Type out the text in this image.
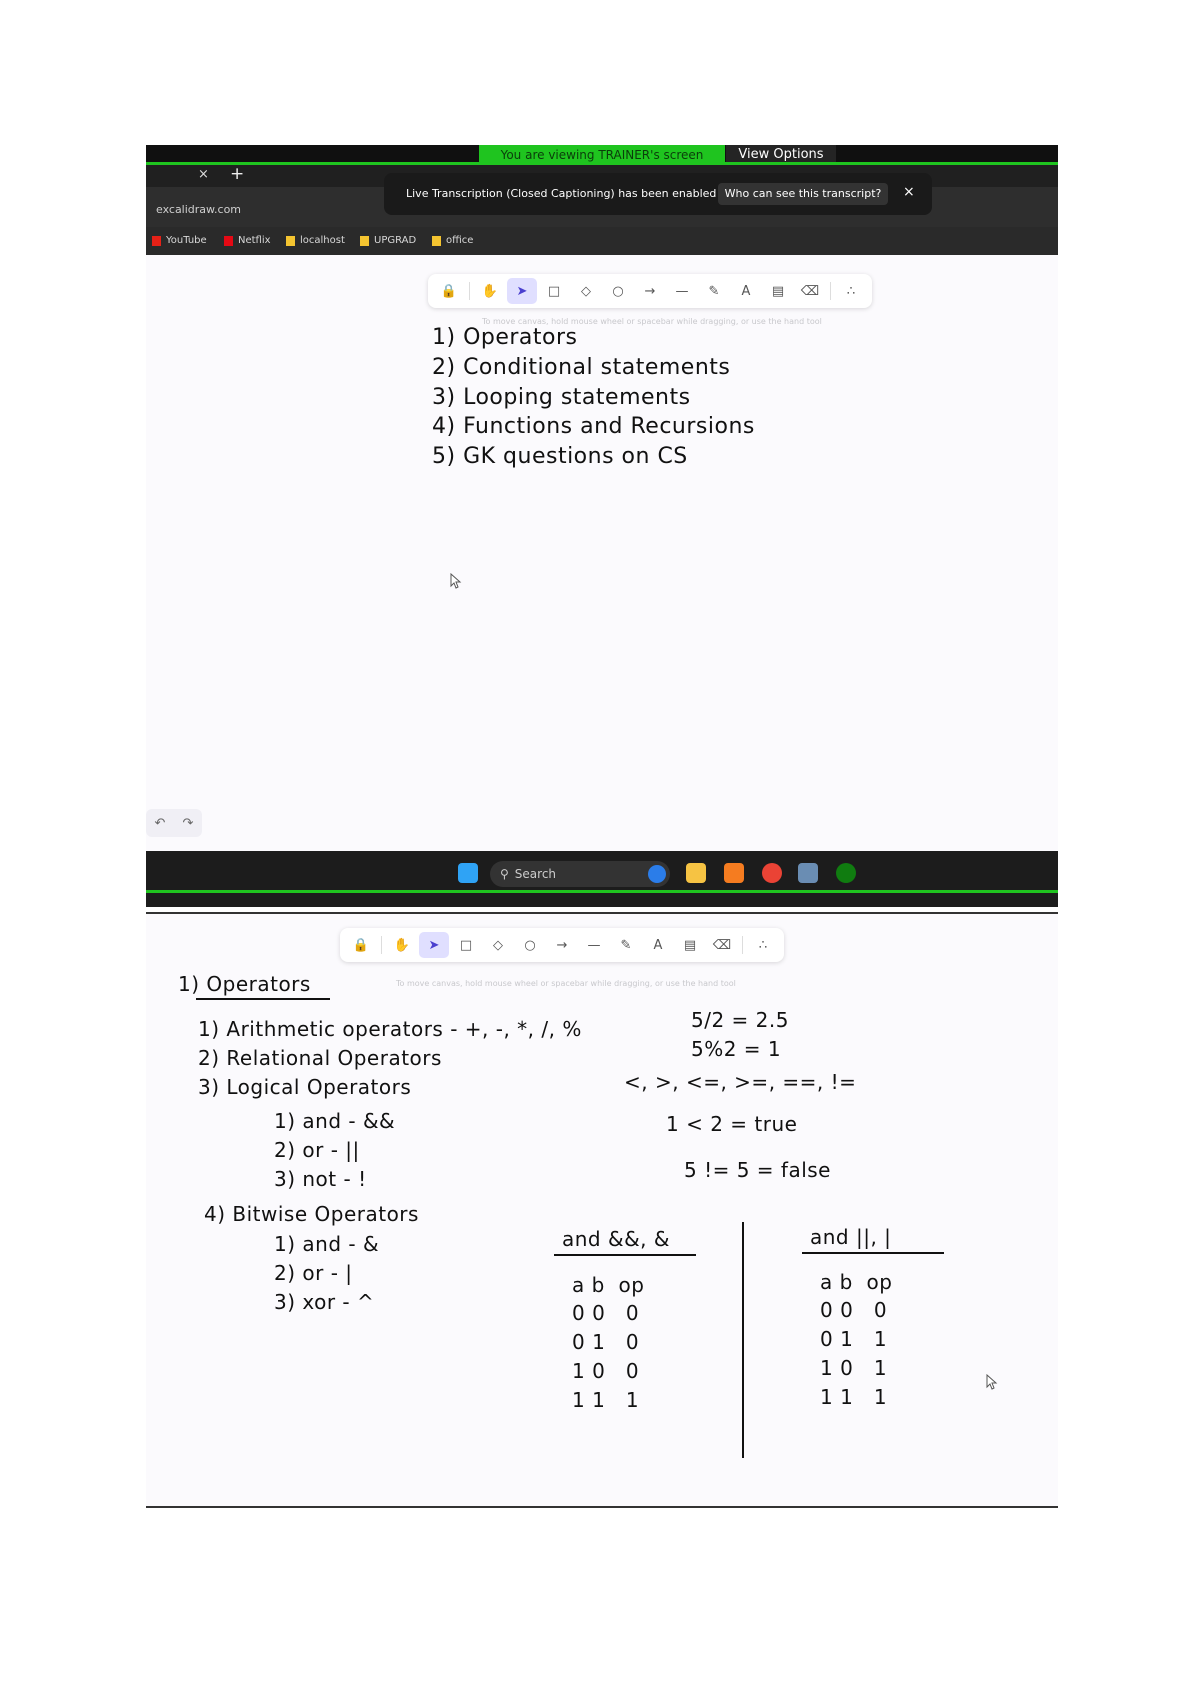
You are viewing TRAINER's screen	View Options
× +
excalidraw.com
YouTube	Netflix	localhost	UPGRAD	office
Live Transcription (Closed Captioning) has been enabled Who can see this transcript?	×
🔒	✋	➤	□	◇	○	→	—	✎	A	▤	⌫	∴
To move canvas, hold mouse wheel or spacebar while dragging, or use the hand tool
1) Operators
2) Conditional statements
3) Looping statements
4) Functions and Recursions
5) GK questions on CS
↶ ↷
⚲ Search
🔒	✋	➤	□	◇	○	→	—	✎	A	▤	⌫	∴
To move canvas, hold mouse wheel or spacebar while dragging, or use the hand tool
1) Operators
1) Arithmetic operators - +, -, *, /, %
2) Relational Operators
3) Logical Operators
1) and - &&
2) or - ||
3) not - !
4) Bitwise Operators
1) and - &
2) or - |
3) xor - ^
5/2 = 2.5
5%2 = 1
<, >, <=, >=, ==, !=
1 < 2 = true
5 != 5 = false
and &&, &
a b  op
0 0   0
0 1   0
1 0   0
1 1   1
and ||, |
a b  op
0 0   0
0 1   1
1 0   1
1 1   1
